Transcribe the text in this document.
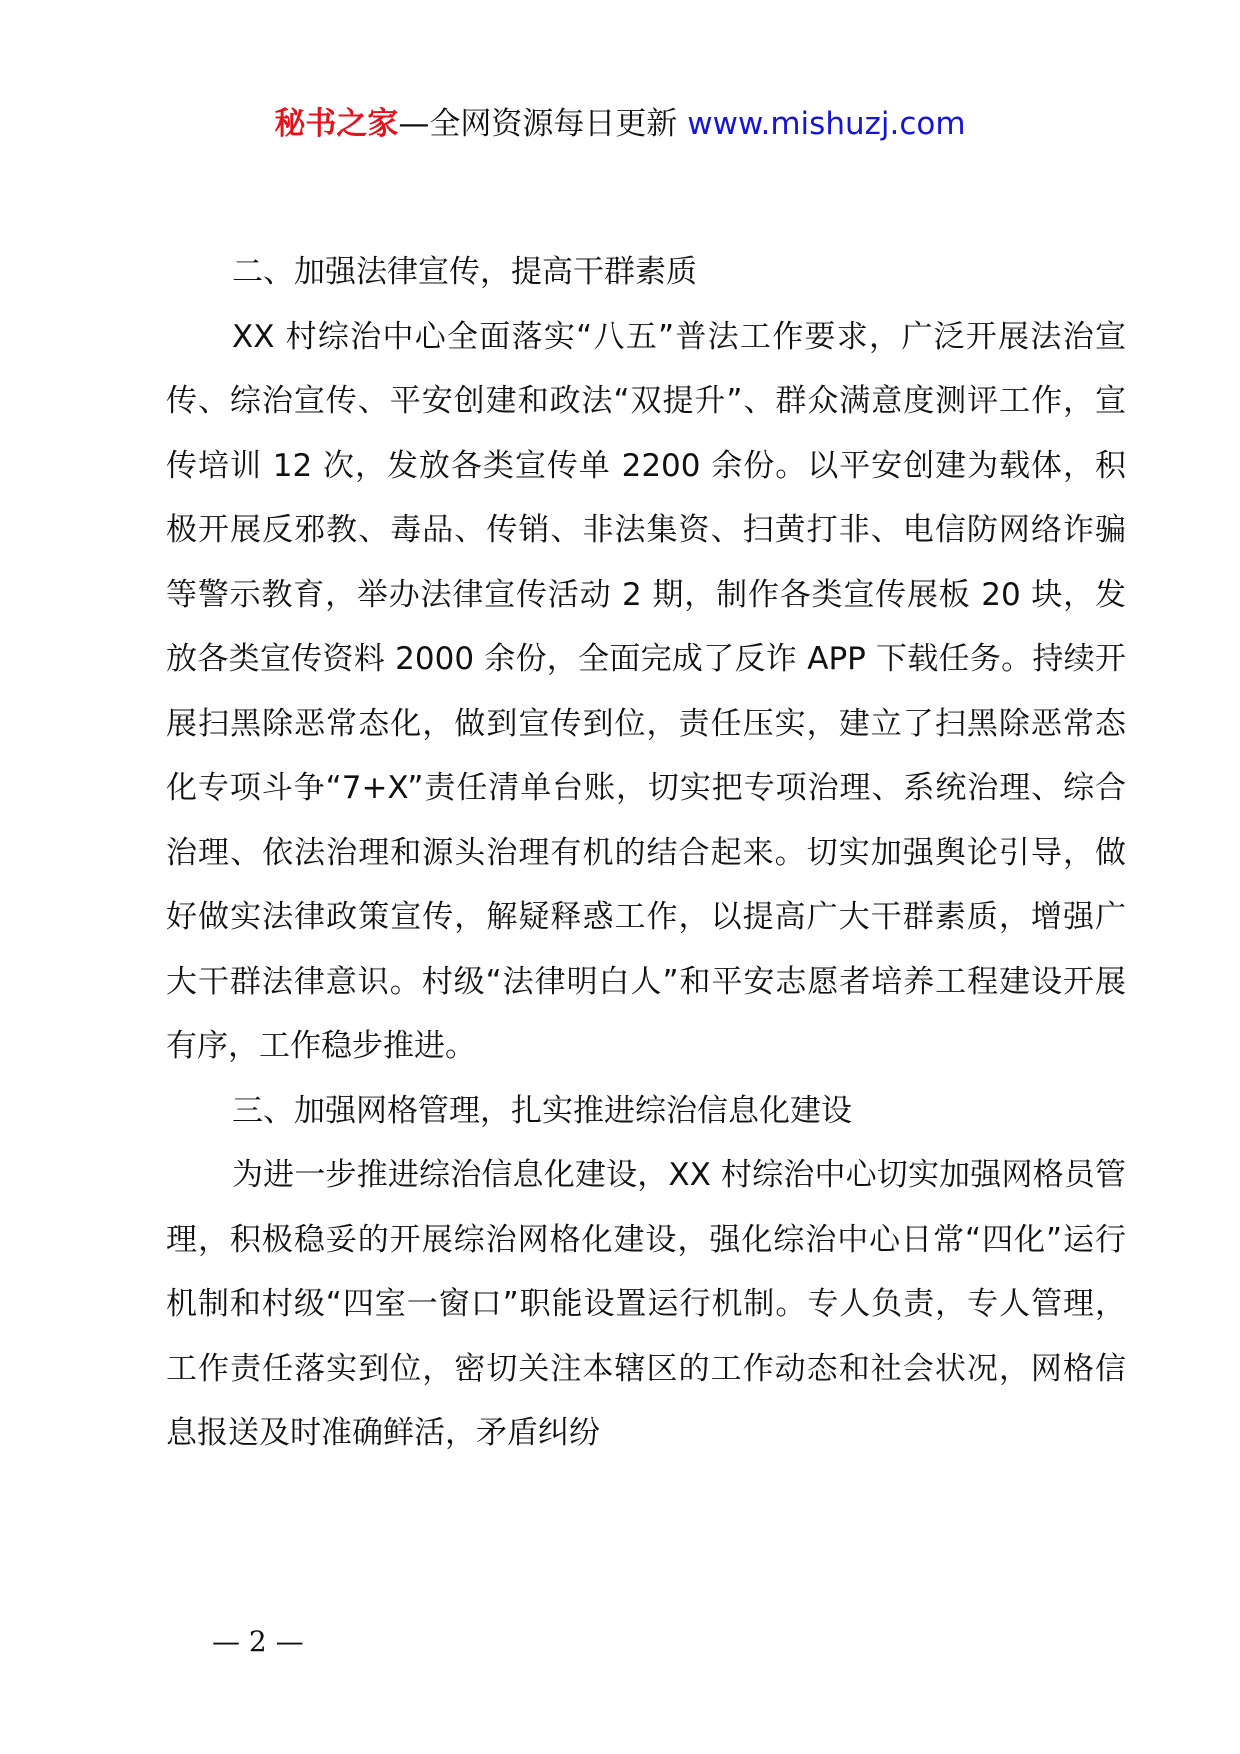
秘书之家—全网资源每日更新 www.mishuzj.com

二、加强法律宣传，提高干群素质

XX 村综治中心全面落实“八五”普法工作要求，广泛开展法治宣传、综治宣传、平安创建和政法“双提升”、群众满意度测评工作，宣传培训 12 次，发放各类宣传单 2200 余份。以平安创建为载体，积极开展反邪教、毒品、传销、非法集资、扫黄打非、电信防网络诈骗等警示教育，举办法律宣传活动 2 期，制作各类宣传展板 20 块，发放各类宣传资料 2000 余份，全面完成了反诈 APP 下载任务。持续开展扫黑除恶常态化，做到宣传到位，责任压实，建立了扫黑除恶常态化专项斗争“7+X”责任清单台账，切实把专项治理、系统治理、综合治理、依法治理和源头治理有机的结合起来。切实加强舆论引导，做好做实法律政策宣传，解疑释惑工作，以提高广大干群素质，增强广大干群法律意识。村级“法律明白人”和平安志愿者培养工程建设开展有序，工作稳步推进。

三、加强网格管理，扎实推进综治信息化建设

为进一步推进综治信息化建设，XX 村综治中心切实加强网格员管理，积极稳妥的开展综治网格化建设，强化综治中心日常“四化”运行机制和村级“四室一窗口”职能设置运行机制。专人负责，专人管理，工作责任落实到位，密切关注本辖区的工作动态和社会状况，网格信息报送及时准确鲜活，矛盾纠纷

— 2 —
